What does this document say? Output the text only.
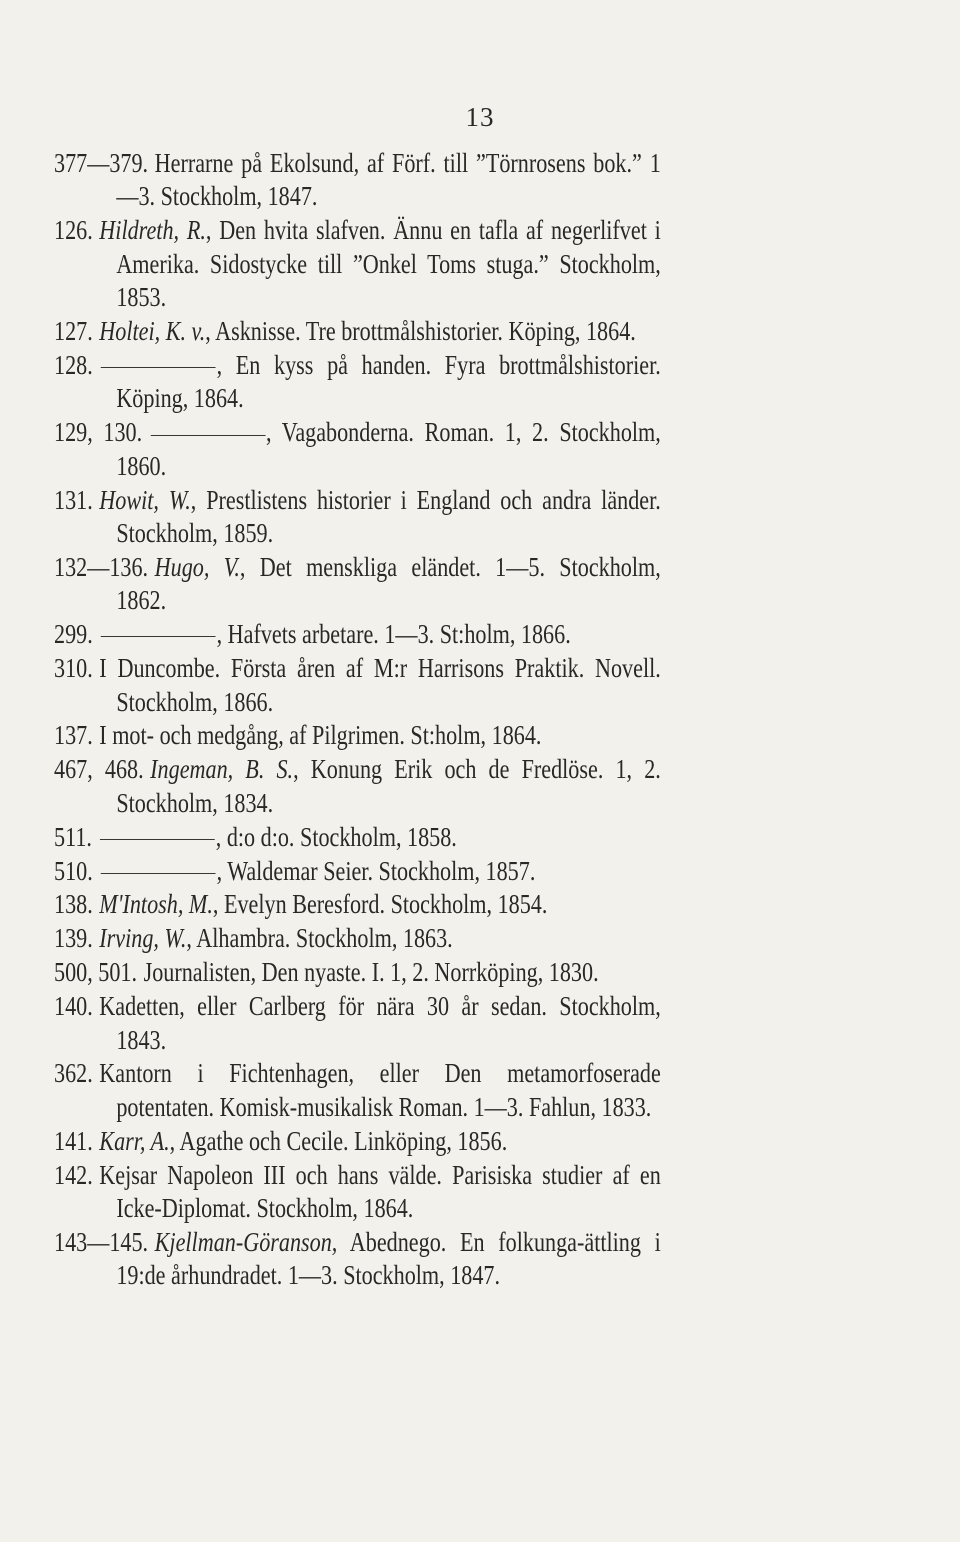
13

377—379. Herrarne på Ekolsund, af Förf. till ”Törnrosens bok.” 1—3. Stockholm, 1847.

126. Hildreth, R., Den hvita slafven. Ännu en tafla af negerlifvet i Amerika. Sidostycke till ”Onkel Toms stuga.” Stockholm, 1853.

127. Holtei, K. v., Asknisse. Tre brottmålshistorier. Köping, 1864.

128.	, En kyss på handen. Fyra brottmålshistorier. Köping, 1864.

129, 130.	, Vagabonderna. Roman. 1, 2. Stockholm, 1860.

131. Howit, W., Prestlistens historier i England och andra länder. Stockholm, 1859.

132—136. Hugo, V., Det menskliga eländet. 1—5. Stockholm, 1862.

299.	, Hafvets arbetare. 1—3. St:holm, 1866.

310. I Duncombe. Första åren af M:r Harrisons Praktik. Novell. Stockholm, 1866.

137. I mot- och medgång, af Pilgrimen. St:holm, 1864.

467, 468. Ingeman, B. S., Konung Erik och de Fredlöse. 1, 2. Stockholm, 1834.

511.	, d:o d:o. Stockholm, 1858.

510.	, Waldemar Seier. Stockholm, 1857.

138. M'Intosh, M., Evelyn Beresford. Stockholm, 1854.

139. Irving, W., Alhambra. Stockholm, 1863.

500, 501. Journalisten, Den nyaste. I. 1, 2. Norrköping, 1830.

140. Kadetten, eller Carlberg för nära 30 år sedan. Stockholm, 1843.

362. Kantorn i Fichtenhagen, eller Den metamorfoserade potentaten. Komisk-musikalisk Roman. 1—3. Fahlun, 1833.

141. Karr, A., Agathe och Cecile. Linköping, 1856.

142. Kejsar Napoleon III och hans välde. Parisiska studier af en Icke-Diplomat. Stockholm, 1864.

143—145. Kjellman-Göranson, Abednego. En folkunga-ättling i 19:de århundradet. 1—3. Stockholm, 1847.
